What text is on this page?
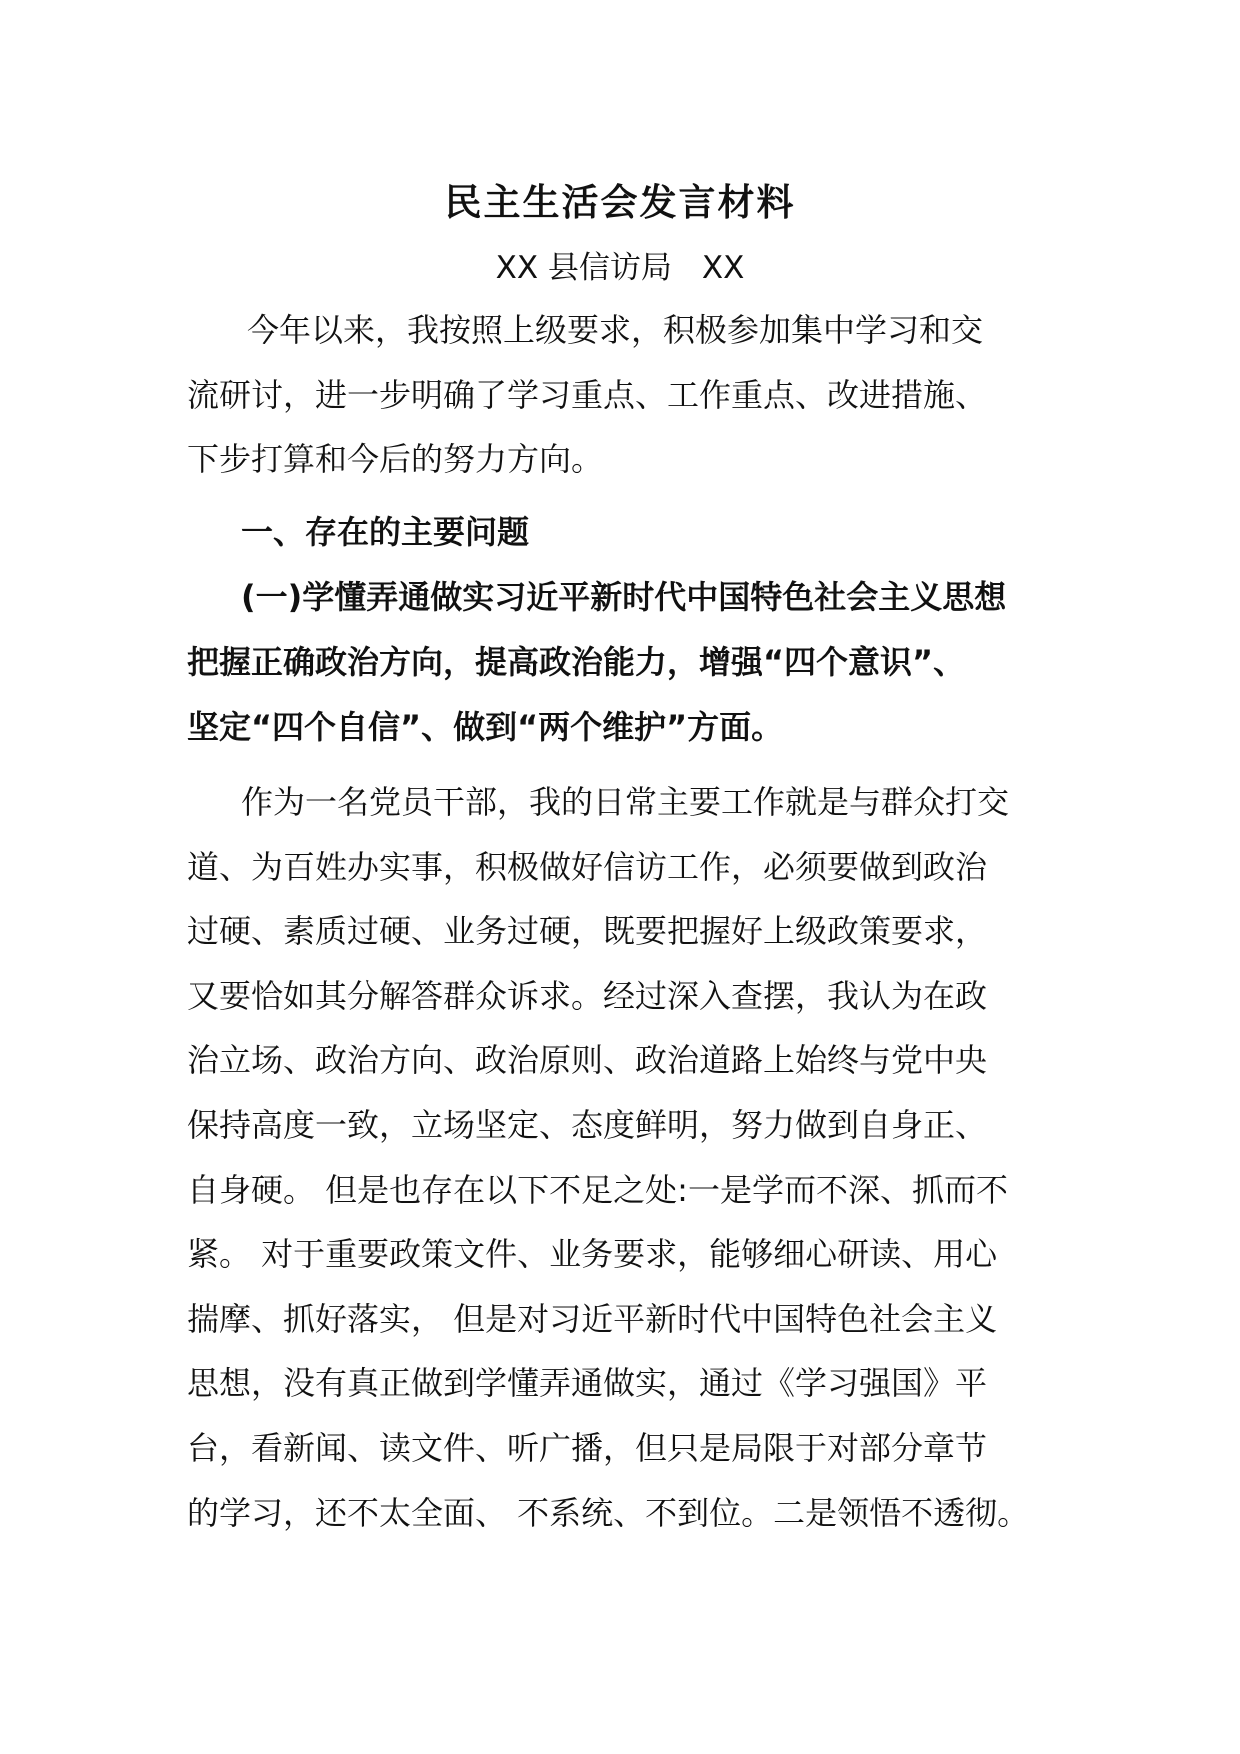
民主生活会发言材料
XX 县信访局 XX
今年以来，我按照上级要求，积极参加集中学习和交
流研讨，进一步明确了学习重点、工作重点、改进措施、
下步打算和今后的努力方向。
一、存在的主要问题
(一)学懂弄通做实习近平新时代中国特色社会主义思想
把握正确政治方向，提高政治能力，增强“四个意识”、
坚定“四个自信”、做到“两个维护”方面。
作为一名党员干部，我的日常主要工作就是与群众打交
道、为百姓办实事，积极做好信访工作，必须要做到政治
过硬、素质过硬、业务过硬，既要把握好上级政策要求，
又要恰如其分解答群众诉求。经过深入查摆，我认为在政
治立场、政治方向、政治原则、政治道路上始终与党中央
保持高度一致，立场坚定、态度鲜明，努力做到自身正、
自身硬。 但是也存在以下不足之处:一是学而不深、抓而不
紧。 对于重要政策文件、业务要求，能够细心研读、用心
揣摩、抓好落实， 但是对习近平新时代中国特色社会主义
思想，没有真正做到学懂弄通做实，通过《学习强国》平
台，看新闻、读文件、听广播，但只是局限于对部分章节
的学习，还不太全面、 不系统、不到位。二是领悟不透彻。
